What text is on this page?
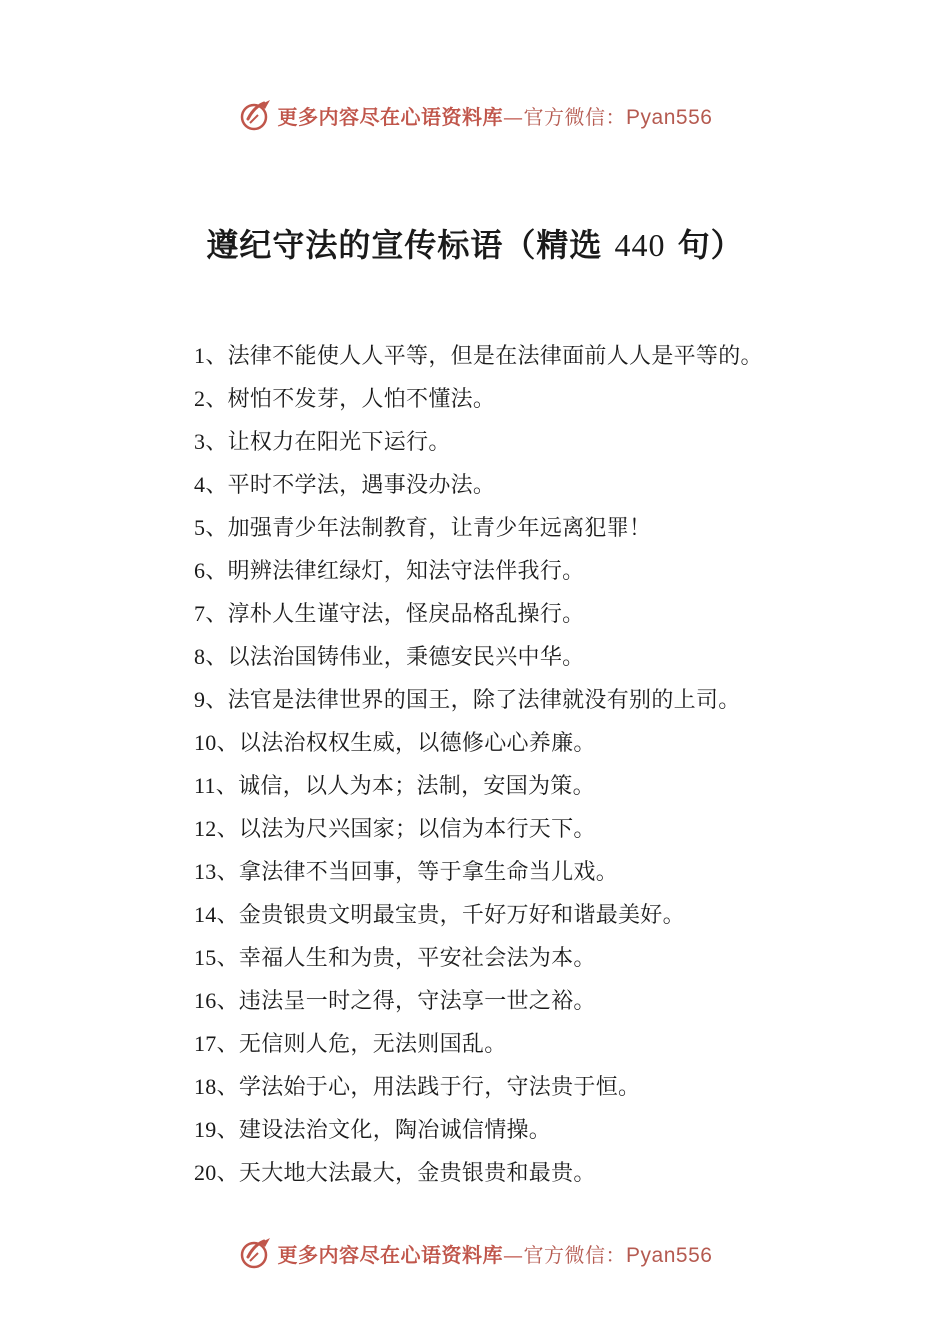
更多内容尽在心语资料库—官方微信：Pyan556
遵纪守法的宣传标语（精选 440 句）
1、法律不能使人人平等，但是在法律面前人人是平等的。
2、树怕不发芽，人怕不懂法。
3、让权力在阳光下运行。
4、平时不学法，遇事没办法。
5、加强青少年法制教育，让青少年远离犯罪！
6、明辨法律红绿灯，知法守法伴我行。
7、淳朴人生谨守法，怪戾品格乱操行。
8、以法治国铸伟业，秉德安民兴中华。
9、法官是法律世界的国王，除了法律就没有别的上司。
10、以法治权权生威，以德修心心养廉。
11、诚信，以人为本；法制，安国为策。
12、以法为尺兴国家；以信为本行天下。
13、拿法律不当回事，等于拿生命当儿戏。
14、金贵银贵文明最宝贵，千好万好和谐最美好。
15、幸福人生和为贵，平安社会法为本。
16、违法呈一时之得，守法享一世之裕。
17、无信则人危，无法则国乱。
18、学法始于心，用法践于行，守法贵于恒。
19、建设法治文化，陶冶诚信情操。
20、天大地大法最大，金贵银贵和最贵。
更多内容尽在心语资料库—官方微信：Pyan556
